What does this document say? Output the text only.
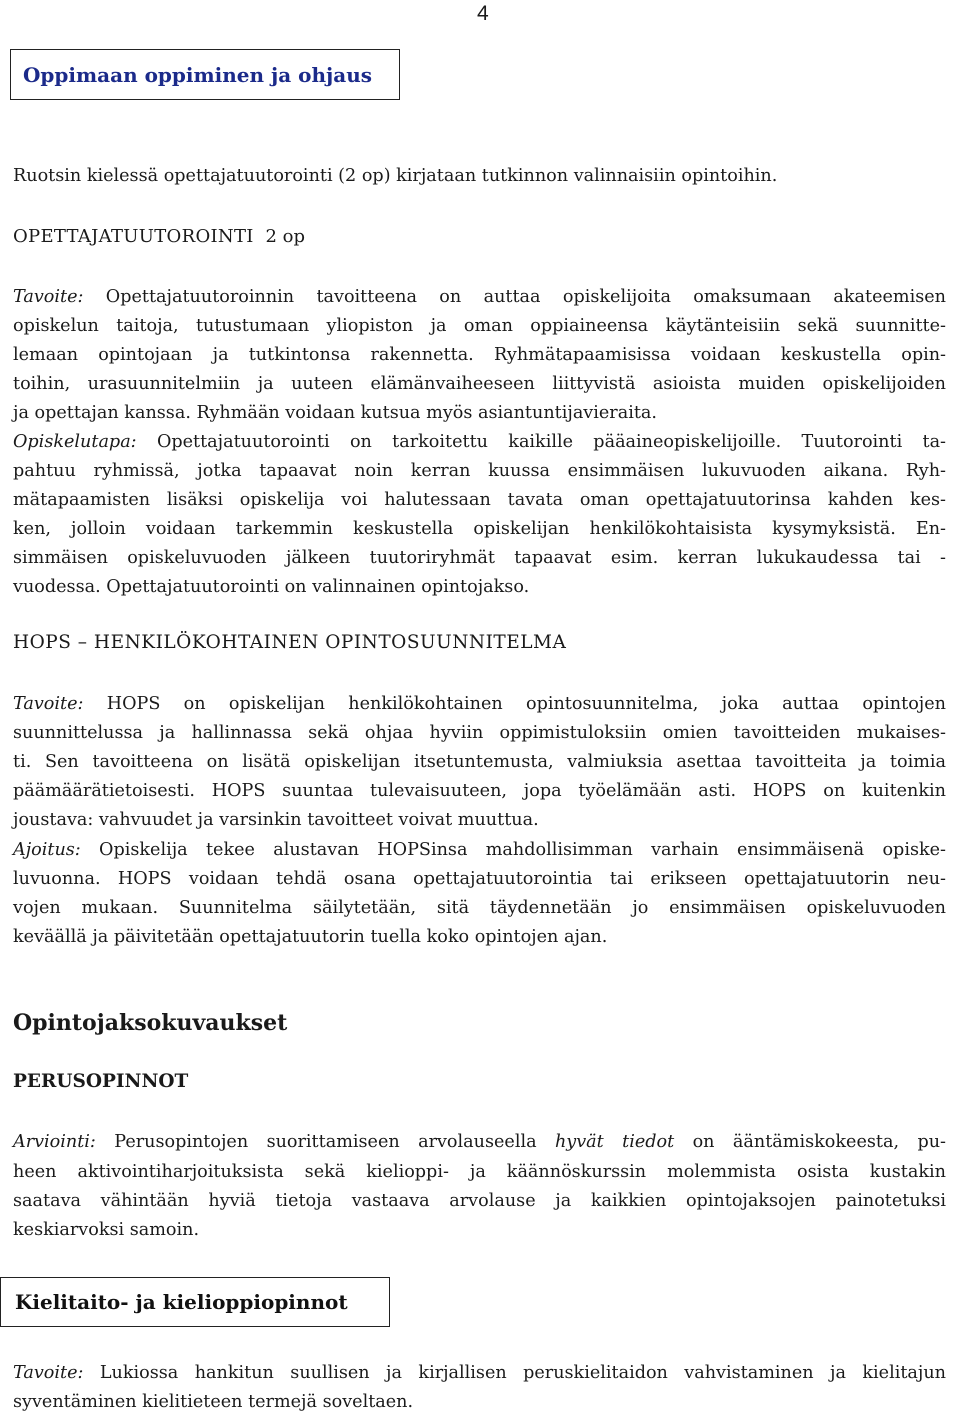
4
Oppimaan oppiminen ja ohjaus

Ruotsin kielessä opettajatuutorointi (2 op) kirjataan tutkinnon valinnaisiin opintoihin.

OPETTAJATUUTOROINTI 2 op

Tavoite: Opettajatuutoroinnin tavoitteena on auttaa opiskelijoita omaksumaan akateemisen

opiskelun taitoja, tutustumaan yliopiston ja oman oppiaineensa käytänteisiin sekä suunnitte-

lemaan opintojaan ja tutkintonsa rakennetta. Ryhmätapaamisissa voidaan keskustella opin-

toihin, urasuunnitelmiin ja uuteen elämänvaiheeseen liittyvistä asioista muiden opiskelijoiden

ja opettajan kanssa. Ryhmään voidaan kutsua myös asiantuntijavieraita.

Opiskelutapa: Opettajatuutorointi on tarkoitettu kaikille pääaineopiskelijoille. Tuutorointi ta-

pahtuu ryhmissä, jotka tapaavat noin kerran kuussa ensimmäisen lukuvuoden aikana. Ryh-

mätapaamisten lisäksi opiskelija voi halutessaan tavata oman opettajatuutorinsa kahden kes-

ken, jolloin voidaan tarkemmin keskustella opiskelijan henkilökohtaisista kysymyksistä. En-

simmäisen opiskeluvuoden jälkeen tuutoriryhmät tapaavat esim. kerran lukukaudessa tai -

vuodessa. Opettajatuutorointi on valinnainen opintojakso.

HOPS – HENKILÖKOHTAINEN OPINTOSUUNNITELMA

Tavoite: HOPS on opiskelijan henkilökohtainen opintosuunnitelma, joka auttaa opintojen

suunnittelussa ja hallinnassa sekä ohjaa hyviin oppimistuloksiin omien tavoitteiden mukaises-

ti. Sen tavoitteena on lisätä opiskelijan itsetuntemusta, valmiuksia asettaa tavoitteita ja toimia

päämäärätietoisesti. HOPS suuntaa tulevaisuuteen, jopa työelämään asti. HOPS on kuitenkin

joustava: vahvuudet ja varsinkin tavoitteet voivat muuttua.

Ajoitus: Opiskelija tekee alustavan HOPSinsa mahdollisimman varhain ensimmäisenä opiske-

luvuonna. HOPS voidaan tehdä osana opettajatuutorointia tai erikseen opettajatuutorin neu-

vojen mukaan. Suunnitelma säilytetään, sitä täydennetään jo ensimmäisen opiskeluvuoden

keväällä ja päivitetään opettajatuutorin tuella koko opintojen ajan.

Opintojaksokuvaukset
PERUSOPINNOT

Arviointi: Perusopintojen suorittamiseen arvolauseella hyvät tiedot on ääntämiskokeesta, pu-

heen aktivointiharjoituksista sekä kielioppi- ja käännöskurssin molemmista osista kustakin

saatava vähintään hyviä tietoja vastaava arvolause ja kaikkien opintojaksojen painotetuksi

keskiarvoksi samoin.

Kielitaito- ja kielioppiopinnot

Tavoite: Lukiossa hankitun suullisen ja kirjallisen peruskielitaidon vahvistaminen ja kielitajun

syventäminen kielitieteen termejä soveltaen.
